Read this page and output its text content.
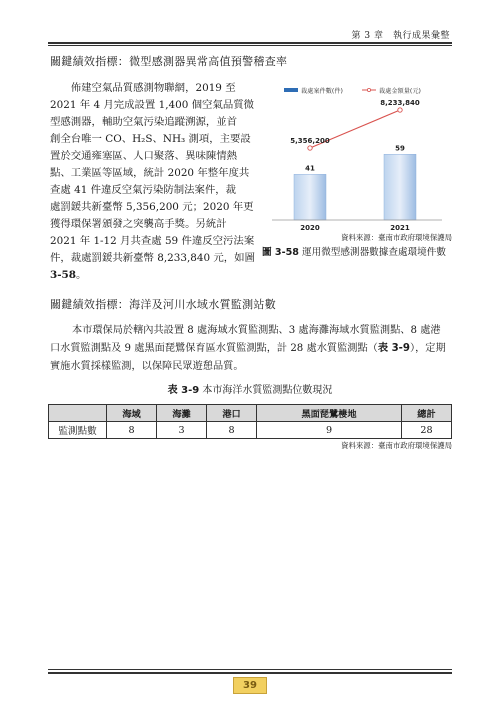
第 3 章　執行成果彙整
關鍵績效指標：微型感測器異常高值預警稽查率
　　佈建空氣品質感測物聯網，2019 至
2021 年 4 月完成設置 1,400 個空氣品質微
型感測器，輔助空氣污染追蹤溯源，並首
創全台唯一 CO、H₂S、NH₃ 測項，主要設
置於交通雍塞區、人口聚落、異味陳情熱
點、工業區等區域，統計 2020 年整年度共
查處 41 件違反空氣污染防制法案件，裁
處罰鍰共新臺幣 5,356,200 元；2020 年更
獲得環保署頒發之突襲高手獎。另統計
2021 年 1-12 月共查處 59 件違反空污法案
件，裁處罰鍰共新臺幣 8,233,840 元，如圖
3-58。
裁處案件數(件)	裁處金額量(元)
41
59
5,356,200
8,233,840
2020	2021
資料來源：臺南市政府環境保護局
圖 3-58 運用微型感測器數據查處環境件數
關鍵績效指標：海洋及河川水域水質監測站數
本市環保局於轄內共設置 8 處海域水質監測點、3 處海灘海域水質監測點、8 處港
口水質監測點及 9 處黑面琵鷺保育區水質監測點，計 28 處水質監測點（表 3-9），定期
實施水質採樣監測，以保障民眾遊憩品質。
表 3-9 本市海洋水質監測點位數現況
	海域	海灘	港口	黑面琵鷺棲地	總計
監測點數	8	3	8	9	28
資料來源：臺南市政府環境保護局
39
